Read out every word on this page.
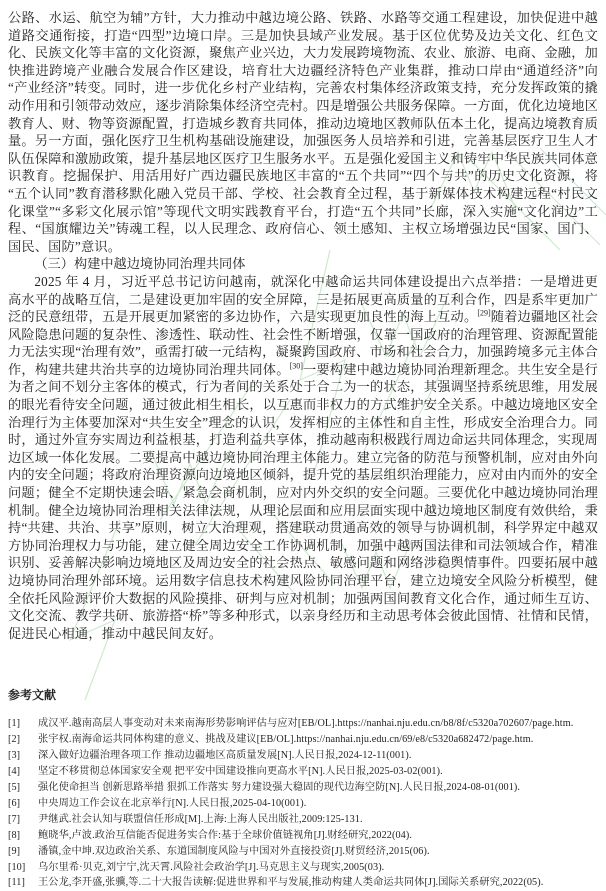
公路、水运、航空为辅”方针，大力推动中越边境公路、铁路、水路等交通工程建设，加快促进中越道路交通衔接，打造“四型”边境口岸。三是加快县域产业发展。基于区位优势及边关文化、红色文化、民族文化等丰富的文化资源，聚焦产业兴边，大力发展跨境物流、农业、旅游、电商、金融，加快推进跨境产业融合发展合作区建设，培育壮大边疆经济特色产业集群，推动口岸由“通道经济”向“产业经济”转变。同时，进一步优化乡村产业结构，完善农村集体经济政策支持，充分发挥政策的撬动作用和引领带动效应，逐步消除集体经济空壳村。四是增强公共服务保障。一方面，优化边境地区教育人、财、物等资源配置，打造城乡教育共同体，推动边境地区教师队伍本土化，提高边境教育质量。另一方面，强化医疗卫生机构基础设施建设，加强医务人员培养和引进，完善基层医疗卫生人才队伍保障和激励政策，提升基层地区医疗卫生服务水平。五是强化爱国主义和铸牢中华民族共同体意识教育。挖掘保护、用活用好广西边疆民族地区丰富的“五个共同”“四个与共”的历史文化资源，将“五个认同”教育潜移默化融入党员干部、学校、社会教育全过程，基于新媒体技术构建远程“村民文化课堂”“多彩文化展示馆”等现代文明实践教育平台，打造“五个共同”长廊，深入实施“文化润边”工程、“国旗耀边关”铸魂工程，以人民理念、政府信心、领土感知、主权立场增强边民“国家、国门、国民、国防”意识。

（三）构建中越边境协同治理共同体

2025 年 4 月，习近平总书记访问越南，就深化中越命运共同体建设提出六点举措：一是增进更高水平的战略互信，二是建设更加牢固的安全屏障，三是拓展更高质量的互利合作，四是系牢更加广泛的民意纽带，五是开展更加紧密的多边协作，六是实现更加良性的海上互动。[29]随着边疆地区社会风险隐患问题的复杂性、渗透性、联动性、社会性不断增强，仅靠一国政府的治理管理、资源配置能力无法实现“治理有效”，亟需打破一元结构，凝聚跨国政府、市场和社会合力，加强跨境多元主体合作，构建共建共治共享的边境协同治理共同体。[30]一要构建中越边境协同治理新理念。共生安全是行为者之间不划分主客体的模式，行为者间的关系处于合二为一的状态，其强调坚持系统思维，用发展的眼光看待安全问题，通过彼此相生相长，以互惠而非权力的方式维护安全关系。中越边境地区安全治理行为主体要加深对“共生安全”理念的认识，发挥相应的主体性和自主性，形成安全治理合力。同时，通过外宣夯实周边利益根基，打造利益共享体，推动越南积极践行周边命运共同体理念，实现周边区域一体化发展。二要提高中越边境协同治理主体能力。建立完备的防范与预警机制，应对由外向内的安全问题；将政府治理资源向边境地区倾斜，提升党的基层组织治理能力，应对由内而外的安全问题；健全不定期快速会晤、紧急会商机制，应对内外交织的安全问题。三要优化中越边境协同治理机制。健全边境协同治理相关法律法规，从理论层面和应用层面实现中越边境地区制度有效供给，秉持“共建、共治、共享”原则，树立大治理观，搭建联动贯通高效的领导与协调机制，科学界定中越双方协同治理权力与功能，建立健全周边安全工作协调机制，加强中越两国法律和司法领域合作，精准识别、妥善解决影响边境地区及周边安全的社会热点、敏感问题和网络涉稳舆情事件。四要拓展中越边境协同治理外部环境。运用数字信息技术构建风险协同治理平台，建立边境安全风险分析模型，健全依托风险源评价大数据的风险摸排、研判与应对机制；加强两国间教育文化合作，通过师生互访、文化交流、教学共研、旅游搭“桥”等多种形式，以亲身经历和主动思考体会彼此国情、社情和民情，促进民心相通，推动中越民间友好。

参考文献

[1]	成汉平.越南高层人事变动对未来南海形势影响评估与应对[EB/OL].https://nanhai.nju.edu.cn/b8/8f/c5320a702607/page.htm.
[2]	张宇权.南海命运共同体构建的意义、挑战及建议[EB/OL].https://nanhai.nju.edu.cn/69/e8/c5320a682472/page.htm.
[3]	深入做好边疆治理各项工作 推动边疆地区高质量发展[N].人民日报,2024-12-11(001).
[4]	坚定不移贯彻总体国家安全观 把平安中国建设推向更高水平[N].人民日报,2025-03-02(001).
[5]	强化使命担当 创新思路举措 狠抓工作落实 努力建设强大稳固的现代边海空防[N].人民日报,2024-08-01(001).
[6]	中央周边工作会议在北京举行[N].人民日报,2025-04-10(001).
[7]	尹继武.社会认知与联盟信任形成[M].上海:上海人民出版社,2009:125-131.
[8]	鲍晓华,卢波.政治互信能否促进务实合作:基于全球价值链视角[J].财经研究,2022(04).
[9]	潘镇,金中坤.双边政治关系、东道国制度风险与中国对外直接投资[J].财贸经济,2015(06).
[10]	乌尔里希·贝克,刘宁宁,沈天霄.风险社会政治学[J].马克思主义与现实,2005(03).
[11]	王公龙,李开盛,张骥,等.二十大报告读解:促进世界和平与发展,推动构建人类命运共同体[J].国际关系研究,2022(05).
